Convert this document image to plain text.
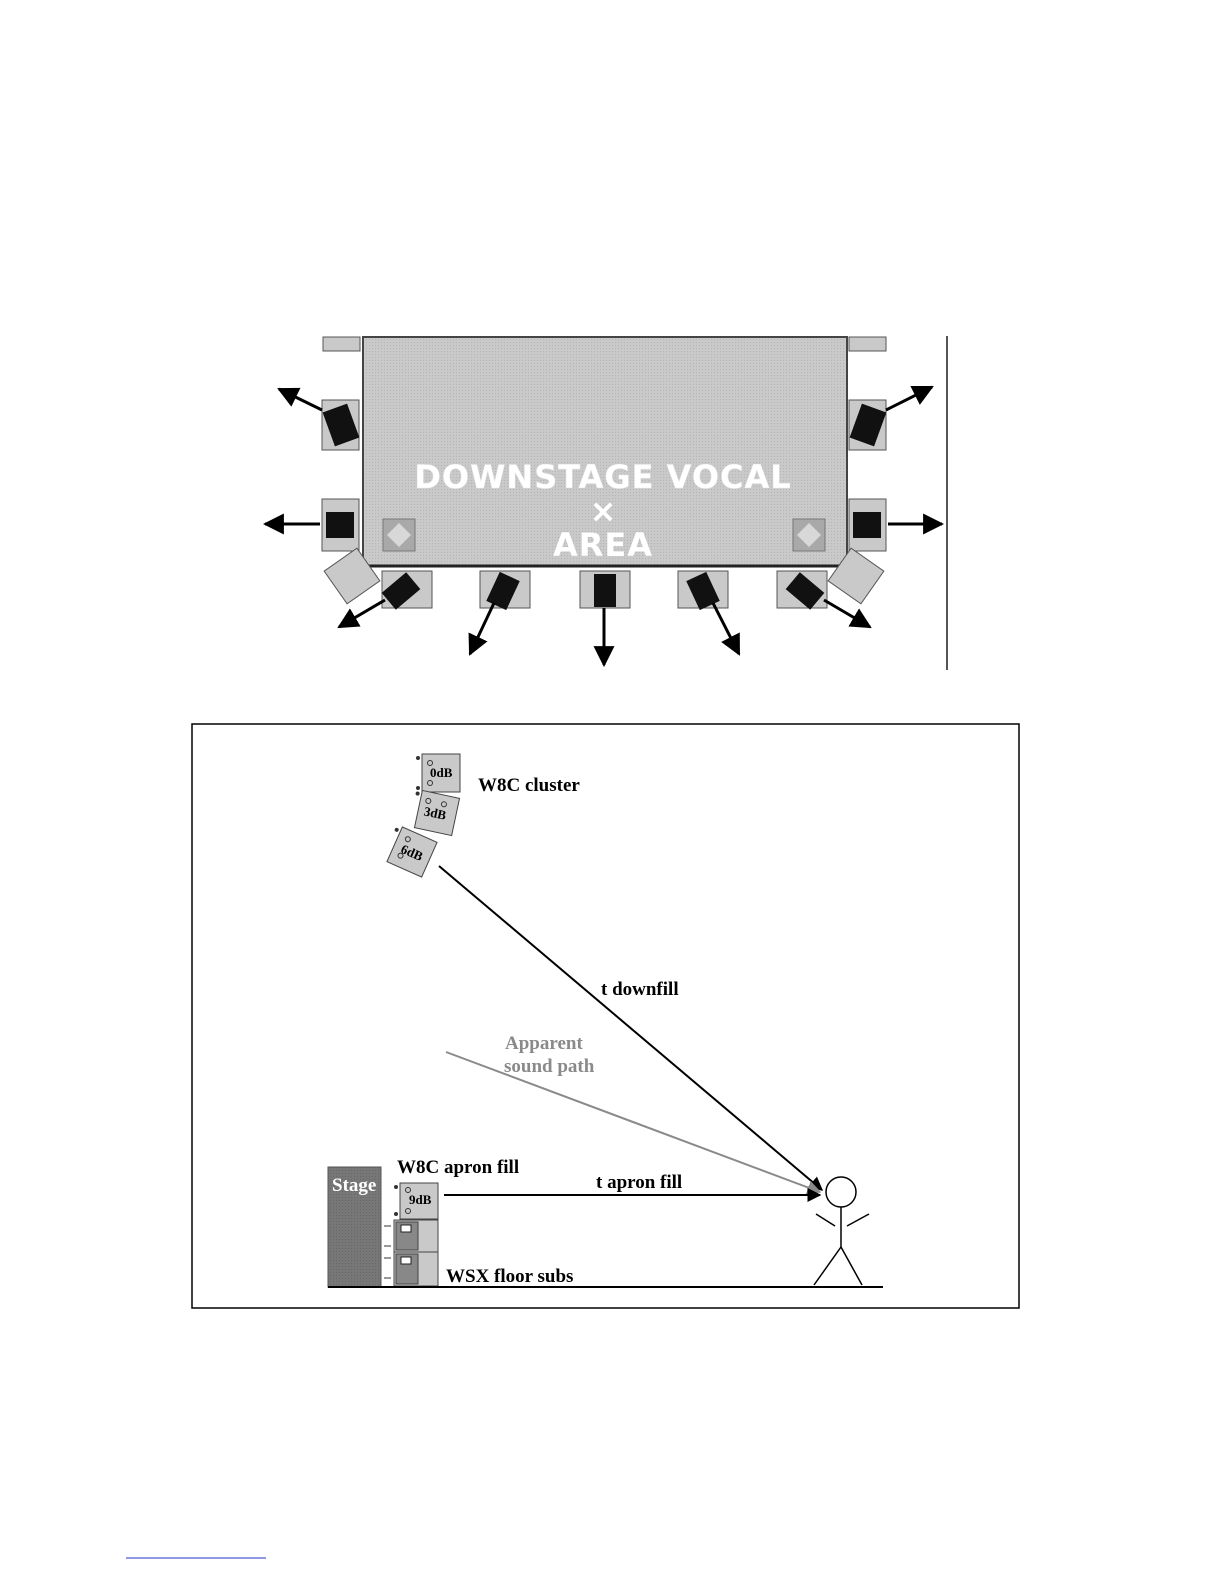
DOWNSTAGE VOCAL
×
AREA
0dB
3dB
6dB
W8C cluster
t downfill
Apparent
sound path
Stage
9dB
W8C apron fill
WSX floor subs
t apron fill
